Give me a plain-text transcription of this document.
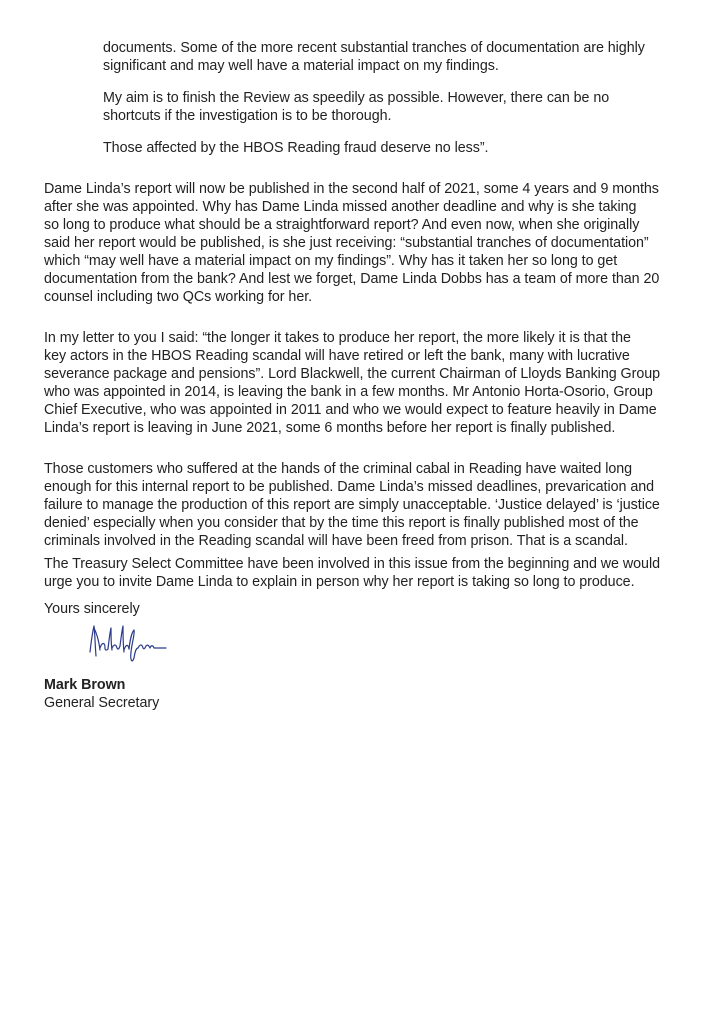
documents. Some of the more recent substantial tranches of documentation are highly
significant and may well have a material impact on my findings.
My aim is to finish the Review as speedily as possible. However, there can be no
shortcuts if the investigation is to be thorough.
Those affected by the HBOS Reading fraud deserve no less”.
Dame Linda’s report will now be published in the second half of 2021, some 4 years and 9 months
after she was appointed. Why has Dame Linda missed another deadline and why is she taking
so long to produce what should be a straightforward report? And even now, when she originally
said her report would be published, is she just receiving: “substantial tranches of documentation”
which “may well have a material impact on my findings”. Why has it taken her so long to get
documentation from the bank? And lest we forget, Dame Linda Dobbs has a team of more than 20
counsel including two QCs working for her.
In my letter to you I said: “the longer it takes to produce her report, the more likely it is that the
key actors in the HBOS Reading scandal will have retired or left the bank, many with lucrative
severance package and pensions”. Lord Blackwell, the current Chairman of Lloyds Banking Group
who was appointed in 2014, is leaving the bank in a few months. Mr Antonio Horta-Osorio, Group
Chief Executive, who was appointed in 2011 and who we would expect to feature heavily in Dame
Linda’s report is leaving in June 2021, some 6 months before her report is finally published.
Those customers who suffered at the hands of the criminal cabal in Reading have waited long
enough for this internal report to be published. Dame Linda’s missed deadlines, prevarication and
failure to manage the production of this report are simply unacceptable. ‘Justice delayed’ is ‘justice
denied’ especially when you consider that by the time this report is finally published most of the
criminals involved in the Reading scandal will have been freed from prison. That is a scandal.
The Treasury Select Committee have been involved in this issue from the beginning and we would
urge you to invite Dame Linda to explain in person why her report is taking so long to produce.
Yours sincerely
Mark Brown
General Secretary
